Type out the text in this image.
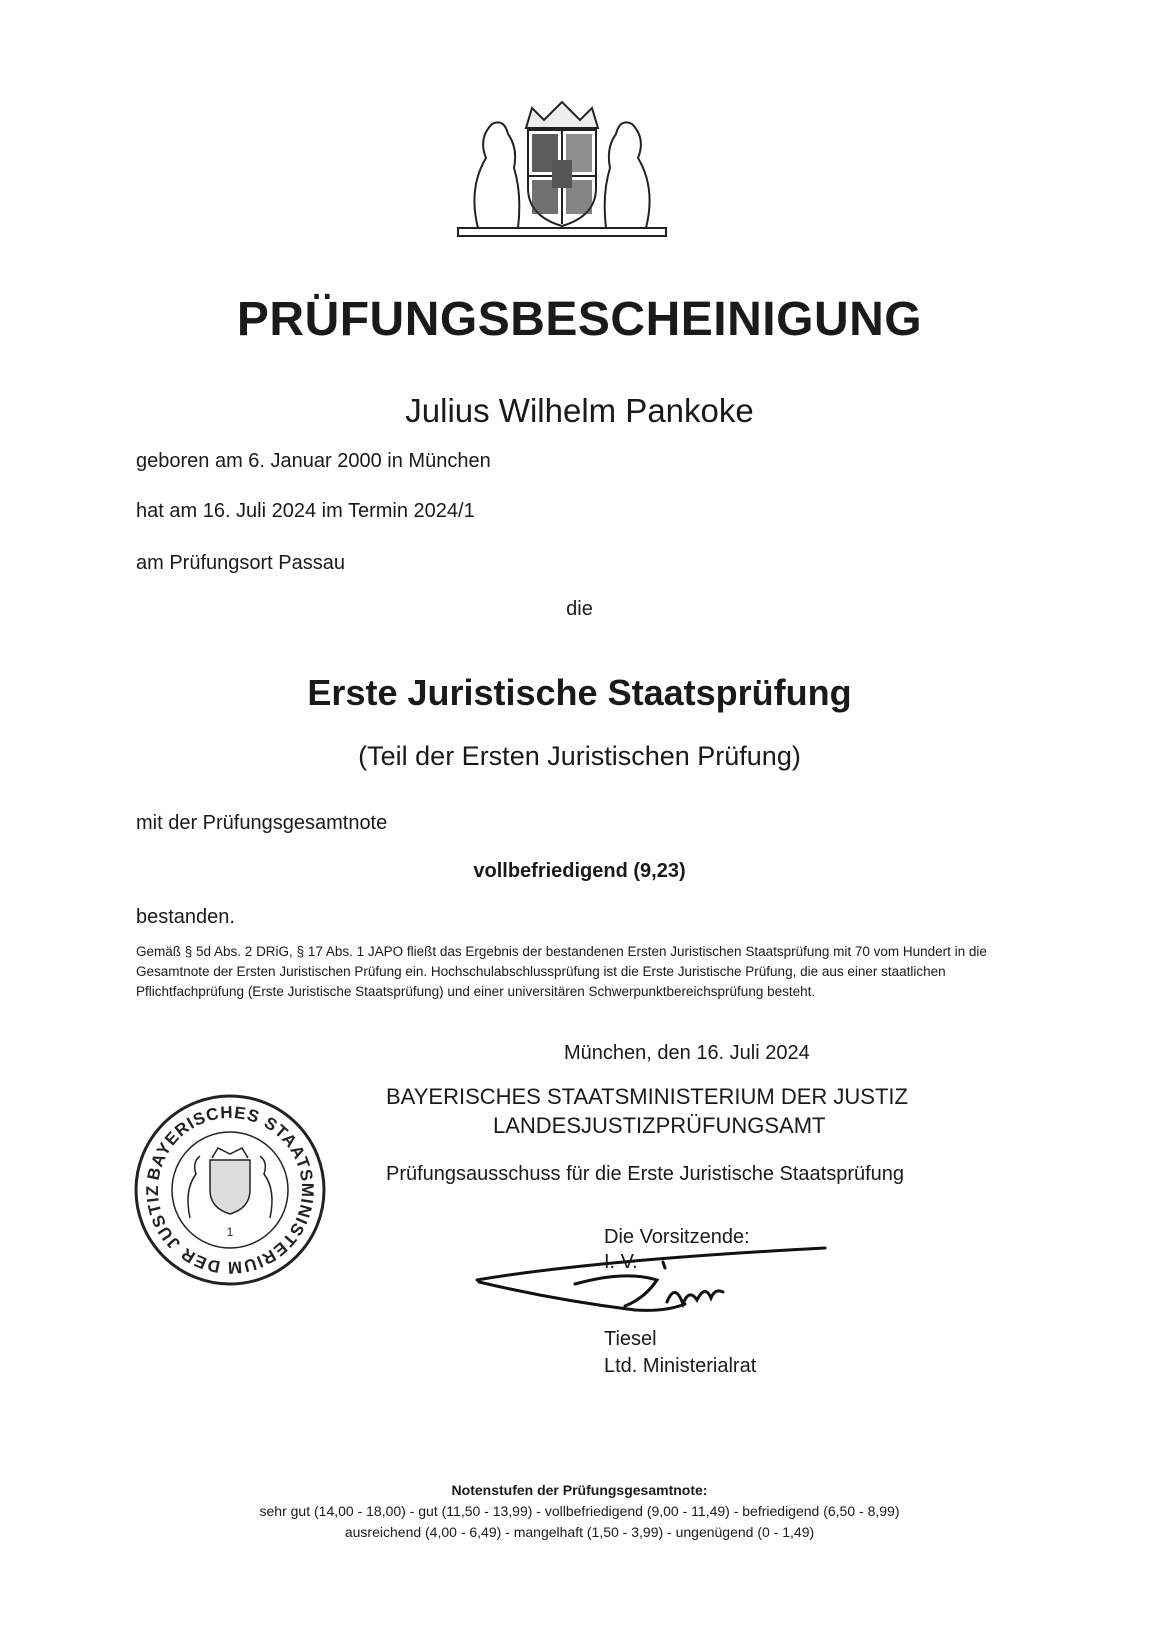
PRÜFUNGSBESCHEINIGUNG
Julius Wilhelm Pankoke
geboren am 6. Januar 2000 in München
hat am 16. Juli 2024 im Termin 2024/1
am Prüfungsort Passau
die
Erste Juristische Staatsprüfung
(Teil der Ersten Juristischen Prüfung)
mit der Prüfungsgesamtnote
vollbefriedigend (9,23)
bestanden.
Gemäß § 5d Abs. 2 DRiG, § 17 Abs. 1 JAPO fließt das Ergebnis der bestandenen Ersten Juristischen Staatsprüfung mit 70 vom Hundert in die Gesamtnote der Ersten Juristischen Prüfung ein. Hochschulabschlussprüfung ist die Erste Juristische Prüfung, die aus einer staatlichen Pflichtfachprüfung (Erste Juristische Staatsprüfung) und einer universitären Schwerpunktbereichsprüfung besteht.
München, den 16. Juli 2024
BAYERISCHES STAATSMINISTERIUM DER JUSTIZ
LANDESJUSTIZPRÜFUNGSAMT
Prüfungsausschuss für die Erste Juristische Staatsprüfung
BAYERISCHES STAATSMINISTERIUM DER JUSTIZ
1	Die Vorsitzende:
I. V.
Tiesel
Ltd. Ministerialrat
Notenstufen der Prüfungsgesamtnote:
sehr gut (14,00 - 18,00) - gut (11,50 - 13,99) - vollbefriedigend (9,00 - 11,49) - befriedigend (6,50 - 8,99)
ausreichend (4,00 - 6,49) - mangelhaft (1,50 - 3,99) - ungenügend (0 - 1,49)
